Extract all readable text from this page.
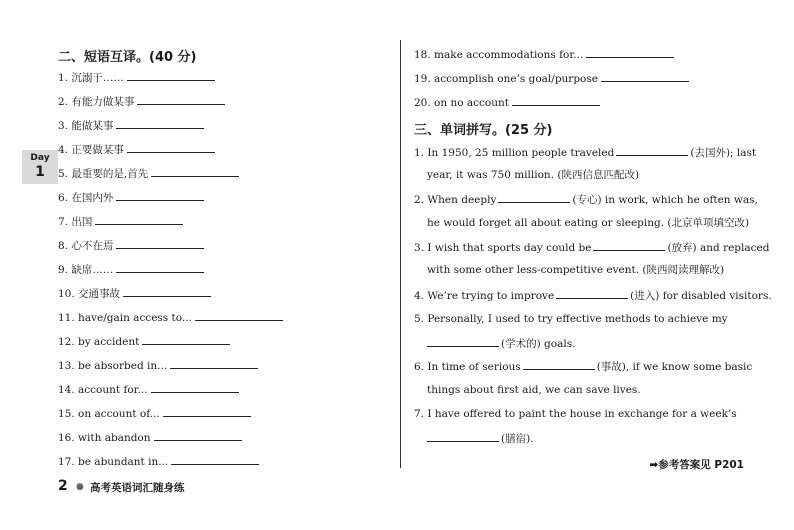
Day
1
二、短语互译。(40 分)
1. 沉溺于……
2. 有能力做某事
3. 能做某事
4. 正要做某事
5. 最重要的是,首先
6. 在国内外
7. 出国
8. 心不在焉
9. 缺席……
10. 交通事故
11. have/gain access to...
12. by accident
13. be absorbed in...
14. account for...
15. on account of...
16. with abandon
17. be abundant in...
18. make accommodations for...
19. accomplish one’s goal/purpose
20. on no account
三、单词拼写。(25 分)
1. In 1950, 25 million people traveled	(去国外); last
year, it was 750 million. (陕西信息匹配改)
2. When deeply	(专心) in work, which he often was,
he would forget all about eating or sleeping. (北京单项填空改)
3. I wish that sports day could be	(放弃) and replaced
with some other less-competitive event. (陕西阅读理解改)
4. We’re trying to improve	(进入) for disabled visitors.
5. Personally, I used to try effective methods to achieve my
(学术的) goals.
6. In time of serious	(事故), if we know some basic
things about first aid, we can save lives.
7. I have offered to paint the house in exchange for a week’s
(膳宿).
➡参考答案见 P201
2 ● 高考英语词汇随身练
